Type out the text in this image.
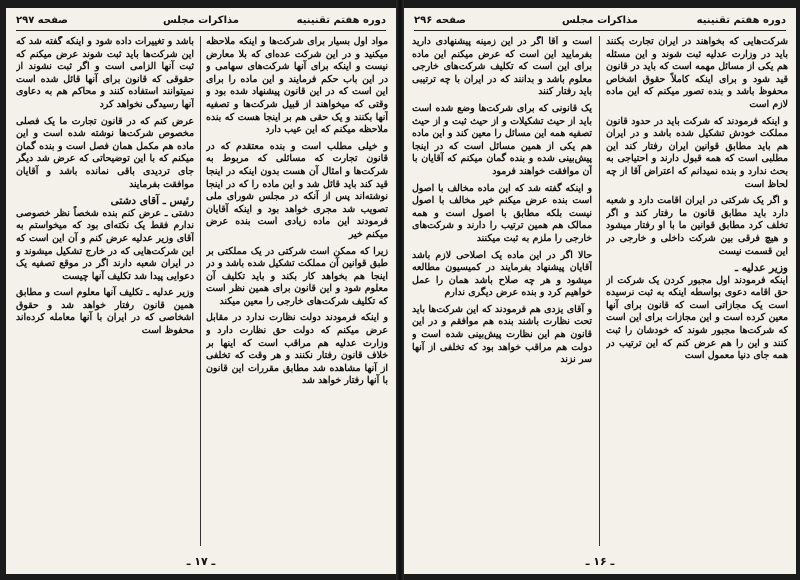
دوره هفتم تقنینیه
مذاکرات مجلس
صفحه ۲۹۷

مواد اول بسیار برای شرکت‌ها و اینکه ملاحظه میکنید و در این شرکت عده‌ای که بلا معارض نیست و اینکه برای آنها شرکت‌های سهامی و در این باب حکم فرمایند و این ماده را برای این است که در این قانون پیشنهاد شده بود و وقتی که میخواهند از قبیل شرکت‌ها و تصفیه آنها بکنند و یک حقی هم بر اینجا هست که بنده ملاحظه میکنم که این عیب دارد

و خیلی مطلب است و بنده معتقدم که در قانون تجارت که مسائلی که مربوط به شرکت‌ها و امثال آن هست بدون اینکه در اینجا قید کند باید قائل شد و این ماده را که در اینجا نوشته‌اند پس از آنکه در مجلس شورای ملی تصویب شد مجری خواهد بود و اینکه آقایان فرمودند این ماده زیادی است بنده عرض میکنم خیر

زیرا که ممکن است شرکتی در یک مملکتی بر طبق قوانین آن مملکت تشکیل شده باشد و در اینجا هم بخواهد کار بکند و باید تکلیف آن معلوم شود و این قانون برای همین نظر است که تکلیف شرکت‌های خارجی را معین میکند

و اینکه فرمودند دولت نظارت ندارد در مقابل عرض میکنم که دولت حق نظارت دارد و وزارت عدلیه هم مراقب است که اینها بر خلاف قانون رفتار نکنند و هر وقت که تخلفی از آنها مشاهده شد مطابق مقررات این قانون با آنها رفتار خواهد شد

باشد و تغییرات داده شود و اینکه گفته شد که این شرکت‌ها باید ثبت شوند عرض میکنم که ثبت آنها الزامی است و اگر ثبت نشوند از حقوقی که قانون برای آنها قائل شده است نمیتوانند استفاده کنند و محاکم هم به دعاوی آنها رسیدگی نخواهد کرد

عرض کنم که در قانون تجارت ما یک فصلی مخصوص شرکت‌ها نوشته شده است و این ماده هم مکمل همان فصل است و بنده گمان میکنم که با این توضیحاتی که عرض شد دیگر جای تردیدی باقی نمانده باشد و آقایان موافقت بفرمایند

رئیس ـ آقای دشتی

دشتی ـ عرض کنم بنده شخصاً نظر خصوصی ندارم فقط یک نکته‌ای بود که میخواستم به آقای وزیر عدلیه عرض کنم و آن این است که این شرکت‌هایی که در خارج تشکیل میشوند و در ایران شعبه دارند اگر در موقع تصفیه یک دعوایی پیدا شد تکلیف آنها چیست

وزیر عدلیه ـ تکلیف آنها معلوم است و مطابق همین قانون رفتار خواهد شد و حقوق اشخاصی که در ایران با آنها معامله کرده‌اند محفوظ است

ـ ۱۷ ـ
دوره هفتم تقنینیه
مذاکرات مجلس
صفحه ۲۹۶

شرکت‌هایی که بخواهند در ایران تجارت بکنند باید در وزارت عدلیه ثبت شوند و این مسئله هم یکی از مسائل مهمه است که باید در قانون قید شود و برای اینکه کاملاً حقوق اشخاص محفوظ باشد و بنده تصور میکنم که این ماده لازم است

و اینکه فرمودند که شرکت باید در حدود قانون مملکت خودش تشکیل شده باشد و در ایران هم باید مطابق قوانین ایران رفتار کند این مطلبی است که همه قبول دارند و احتیاجی به بحث ندارد و بنده نمیدانم که اعتراض آقا از چه لحاظ است

و اگر یک شرکتی در ایران اقامت دارد و شعبه دارد باید مطابق قانون ما رفتار کند و اگر تخلف کرد مطابق قوانین ما با او رفتار میشود و هیچ فرقی بین شرکت داخلی و خارجی در این قسمت نیست

وزیر عدلیه ـ

اینکه فرمودند اول مجبور کردن یک شرکت از حق اقامه دعوی بواسطه اینکه به ثبت نرسیده است یک مجازاتی است که قانون برای آنها معین کرده است و این مجازات برای این است که شرکت‌ها مجبور شوند که خودشان را ثبت کنند و این را هم عرض کنم که این ترتیب در همه جای دنیا معمول است

است و آقا اگر در این زمینه پیشنهادی دارید بفرمایید این است که عرض میکنم این ماده برای این است که تکلیف شرکت‌های خارجی معلوم باشد و بدانند که در ایران با چه ترتیبی باید رفتار کنند

یک قانونی که برای شرکت‌ها وضع شده است باید از حیث تشکیلات و از حیث ثبت و از حیث تصفیه همه این مسائل را معین کند و این ماده هم یکی از همین مسائل است که در اینجا پیش‌بینی شده و بنده گمان میکنم که آقایان با آن موافقت خواهند فرمود

و اینکه گفته شد که این ماده مخالف با اصول است بنده عرض میکنم خیر مخالف با اصول نیست بلکه مطابق با اصول است و همه ممالک هم همین ترتیب را دارند و شرکت‌های خارجی را ملزم به ثبت میکنند

حالا اگر در این ماده یک اصلاحی لازم باشد آقایان پیشنهاد بفرمایند در کمیسیون مطالعه میشود و هر چه صلاح باشد همان را عمل خواهیم کرد و بنده عرض دیگری ندارم

و آقای یزدی هم فرمودند که این شرکت‌ها باید تحت نظارت باشند بنده هم موافقم و در این قانون هم این نظارت پیش‌بینی شده است و دولت هم مراقب خواهد بود که تخلفی از آنها سر نزند

ـ ۱۶ ـ
